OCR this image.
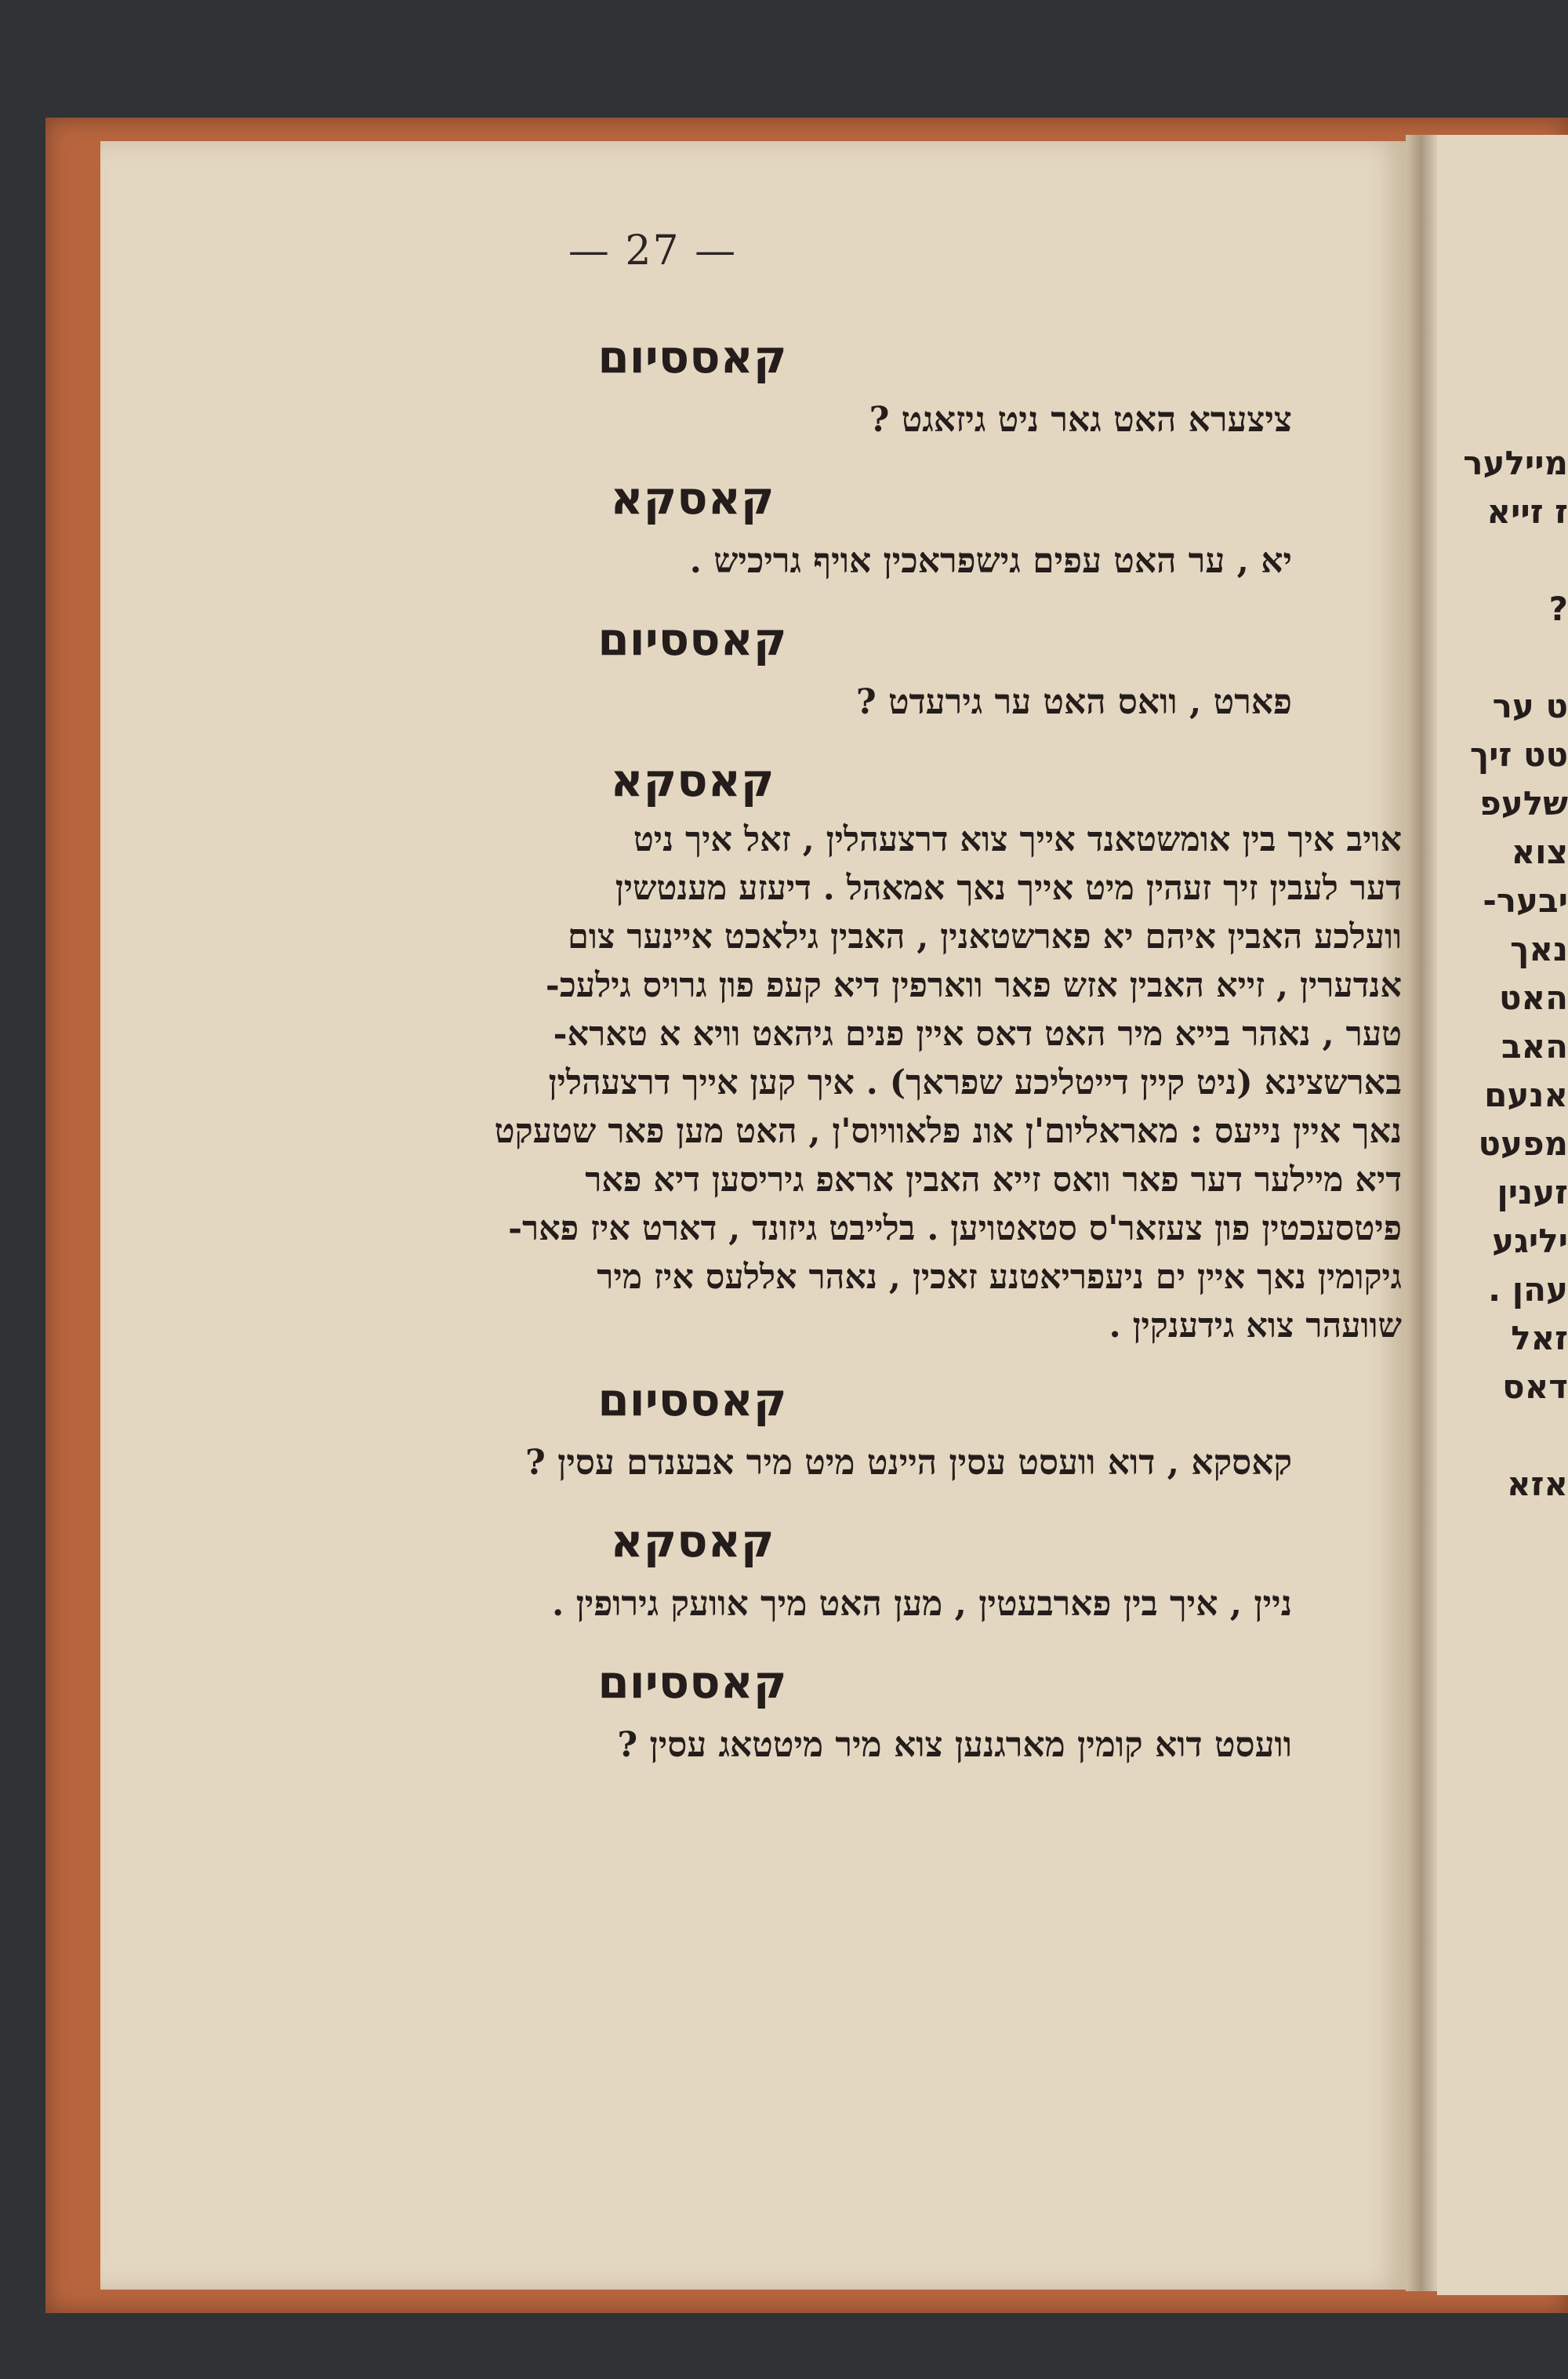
— 27 —
קאססיום
ציצערא האט גאר ניט גיזאגט ?
קאסקא
יא , ער האט עפים גישפראכין אויף גריכיש .
קאססיום
פארט , וואס האט ער גירעדט ?
קאסקא
אויב איך בין אומשטאנד אייך צוא דרצעהלין , זאל איך ניט
דער לעבין זיך זעהין מיט אייך נאך אמאהל . דיעזע מענטשין
וועלכע האבין איהם יא פארשטאנין , האבין גילאכט איינער צום
אנדערין , זייא האבין אזש פאר ווארפין דיא קעפ פון גרויס גילעכ-
טער , נאהר בייא מיר האט דאס איין פנים גיהאט וויא א טארא-
בארשצינא (ניט קיין דייטליכע שפראך) . איך קען אייך דרצעהלין
נאך איין נייעס : מאראליום'ן אונ פלאוויוס'ן , האט מען פאר שטעקט
דיא מיילער דער פאר וואס זייא האבין אראפ גיריסען דיא פאר
פיטסעכטין פון צעזאר'ס סטאטויען . בלייבט גיזונד , דארט איז פאר-
גיקומין נאך איין ים ניעפריאטנע זאכין , נאהר אללעס איז מיר
שוועהר צוא גידענקין .
קאססיום
קאסקא , דוא וועסט עסין היינט מיט מיר אבענדם עסין ?
קאסקא
ניין , איך בין פארבעטין , מען האט מיך אוועק גירופין .
קאססיום
וועסט דוא קומין מארגנען צוא מיר מיטטאג עסין ?
מיילער
ז זייא
?
ט ער
טט זיך
שלעפ
צוא
יבער-
נאך
האט
האב
אנעם
מפעט
זענין
יליגע
עהן .
זאל
דאס
אזא
